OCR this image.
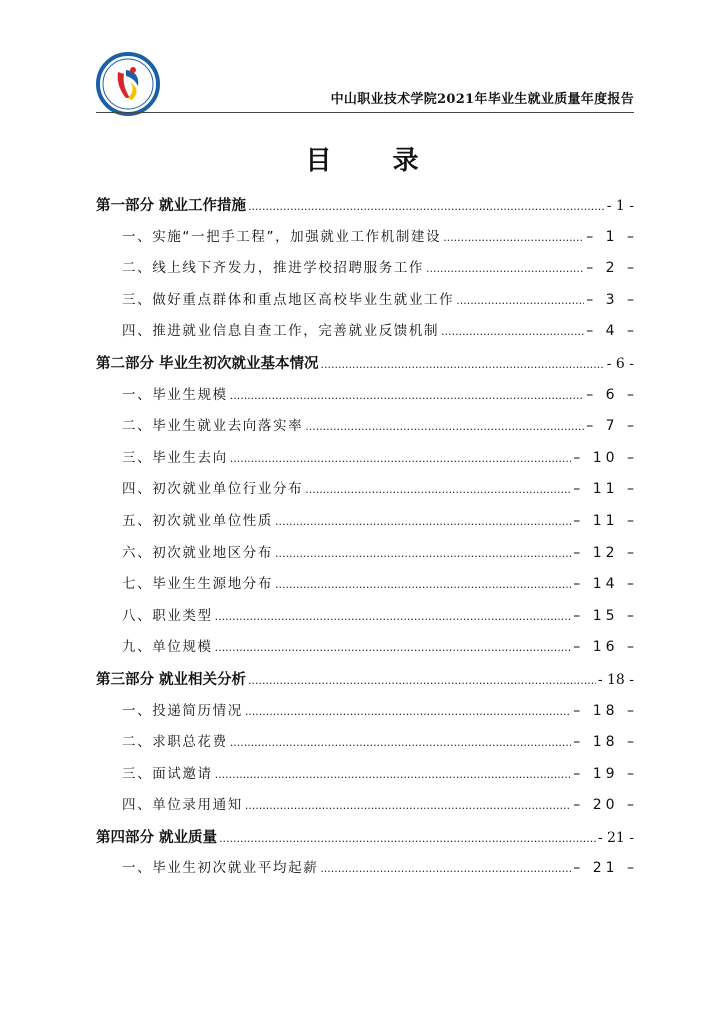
中山职业技术学院2021年毕业生就业质量年度报告
目 录
第一部分 就业工作措施 .....	- 1 -
一、实施“一把手工程”，加强就业工作机制建设 .....	– 1 –
二、线上线下齐发力，推进学校招聘服务工作 .....	– 2 –
三、做好重点群体和重点地区高校毕业生就业工作 .....	– 3 –
四、推进就业信息自查工作，完善就业反馈机制 .....	– 4 –
第二部分 毕业生初次就业基本情况 .....	- 6 -
一、毕业生规模 .....	– 6 –
二、毕业生就业去向落实率 .....	– 7 –
三、毕业生去向 .....	– 10 –
四、初次就业单位行业分布 .....	– 11 –
五、初次就业单位性质 .....	– 11 –
六、初次就业地区分布 .....	– 12 –
七、毕业生生源地分布 .....	– 14 –
八、职业类型 .....	– 15 –
九、单位规模 .....	– 16 –
第三部分 就业相关分析 .....	- 18 -
一、投递简历情况 .....	– 18 –
二、求职总花费 .....	– 18 –
三、面试邀请 .....	– 19 –
四、单位录用通知 .....	– 20 –
第四部分 就业质量 .....	- 21 -
一、毕业生初次就业平均起薪 .....	– 21 –
